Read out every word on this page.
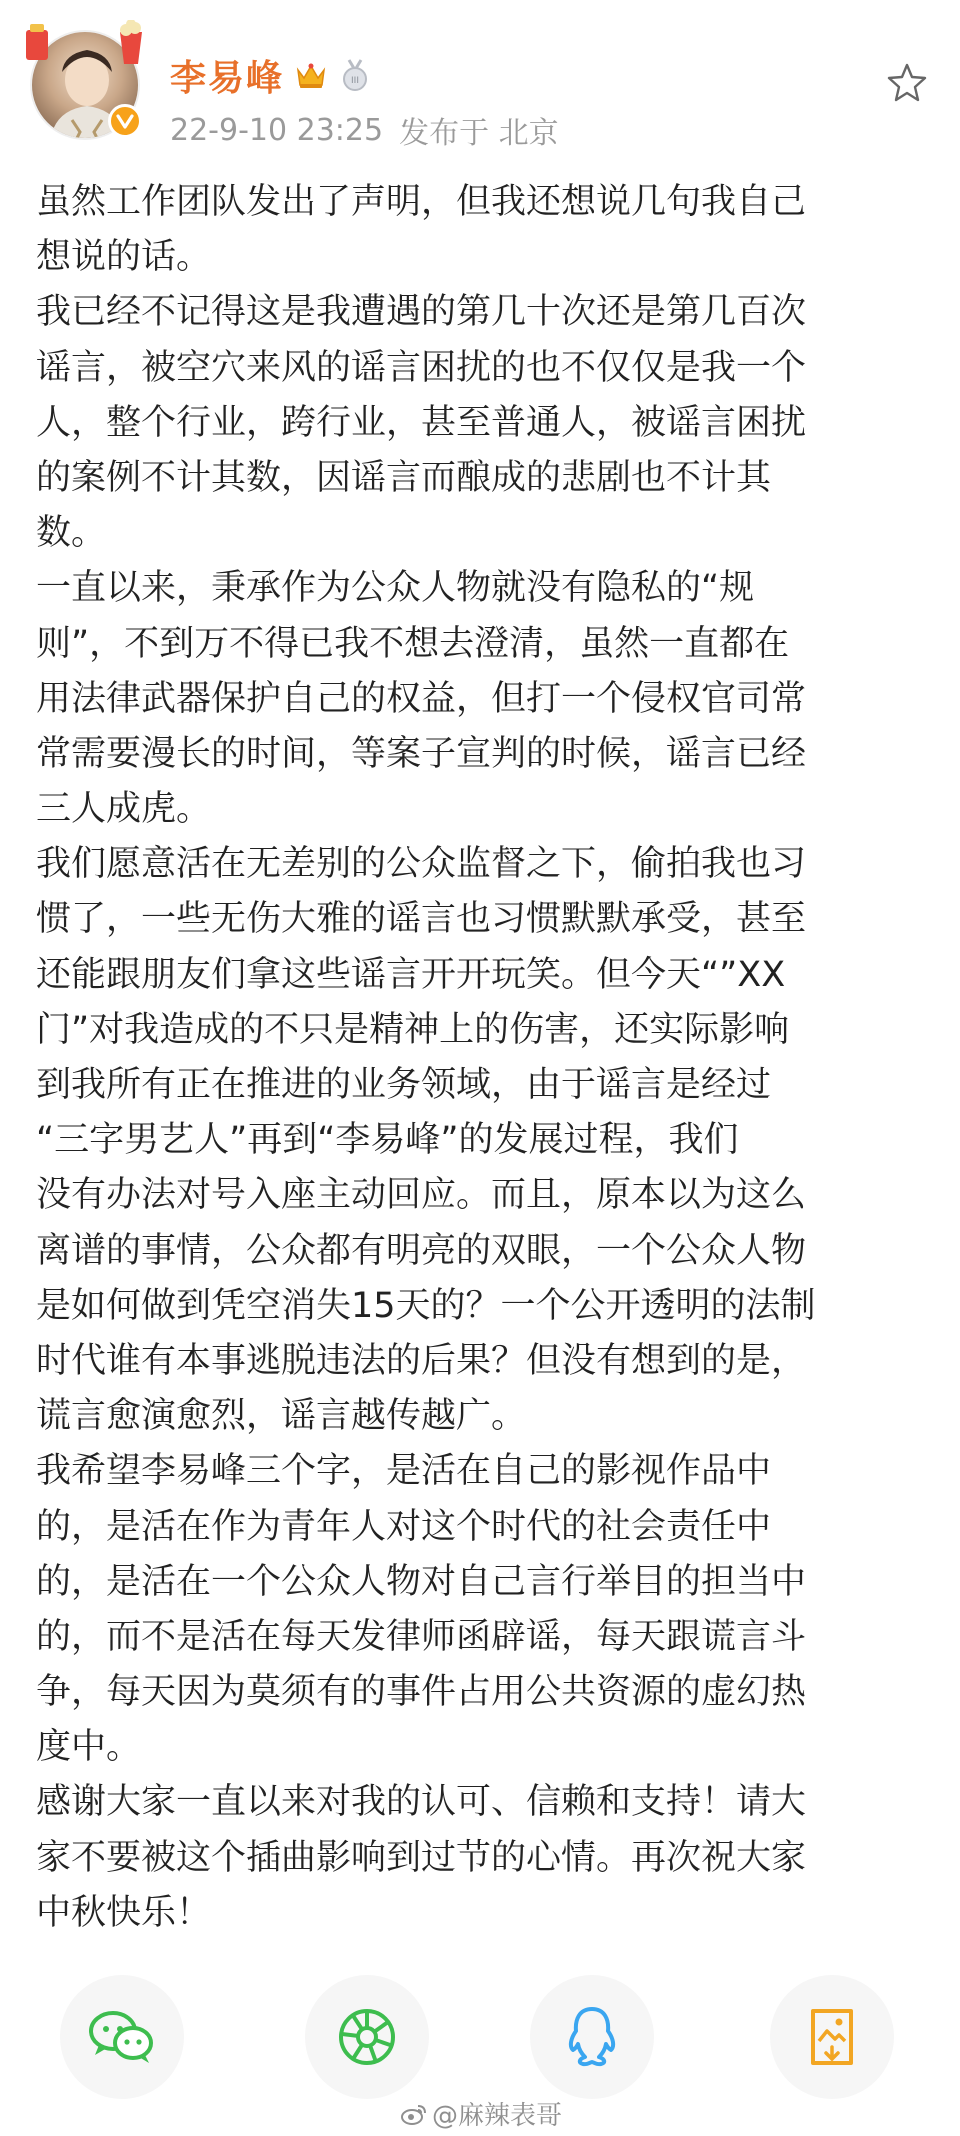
李易峰	III
22-9-10 23:25 发布于 北京
虽然工作团队发出了声明，但我还想说几句我自己
想说的话。
我已经不记得这是我遭遇的第几十次还是第几百次
谣言，被空穴来风的谣言困扰的也不仅仅是我一个
人，整个行业，跨行业，甚至普通人，被谣言困扰
的案例不计其数，因谣言而酿成的悲剧也不计其
数。
一直以来，秉承作为公众人物就没有隐私的“规
则”，不到万不得已我不想去澄清，虽然一直都在
用法律武器保护自己的权益，但打一个侵权官司常
常需要漫长的时间，等案子宣判的时候，谣言已经
三人成虎。
我们愿意活在无差别的公众监督之下，偷拍我也习
惯了，一些无伤大雅的谣言也习惯默默承受，甚至
还能跟朋友们拿这些谣言开开玩笑。但今天“”XX
门”对我造成的不只是精神上的伤害，还实际影响
到我所有正在推进的业务领域，由于谣言是经过
“三字男艺人”再到“李易峰”的发展过程，我们
没有办法对号入座主动回应。而且，原本以为这么
离谱的事情，公众都有明亮的双眼，一个公众人物
是如何做到凭空消失15天的？一个公开透明的法制
时代谁有本事逃脱违法的后果？但没有想到的是，
谎言愈演愈烈，谣言越传越广。
我希望李易峰三个字，是活在自己的影视作品中
的，是活在作为青年人对这个时代的社会责任中
的，是活在一个公众人物对自己言行举目的担当中
的，而不是活在每天发律师函辟谣，每天跟谎言斗
争，每天因为莫须有的事件占用公共资源的虚幻热
度中。
感谢大家一直以来对我的认可、信赖和支持！请大
家不要被这个插曲影响到过节的心情。再次祝大家
中秋快乐！
@麻辣表哥
